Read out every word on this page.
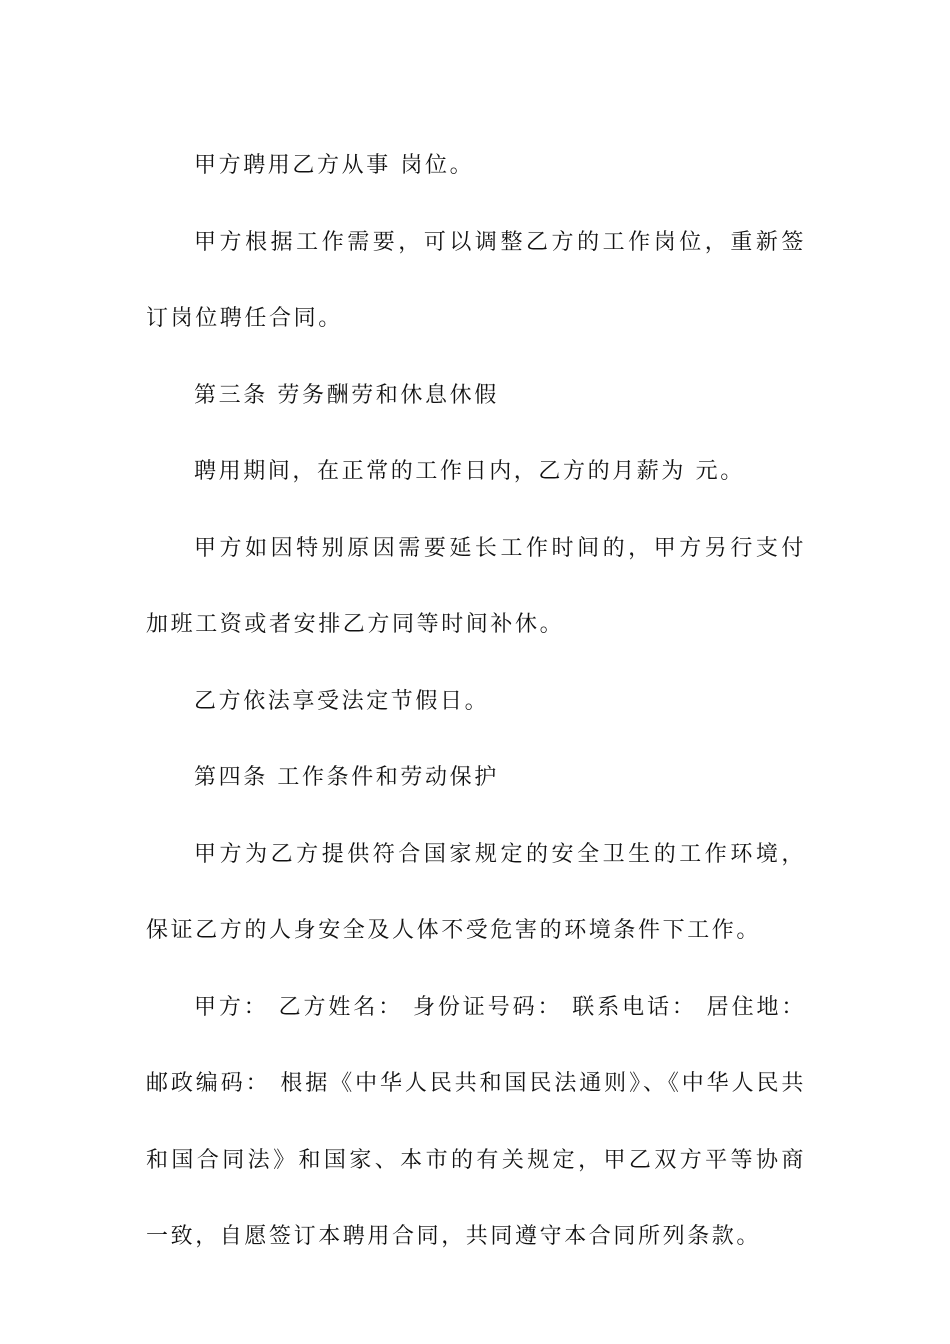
甲方聘用乙方从事 岗位。

甲方根据工作需要，可以调整乙方的工作岗位，重新签订岗位聘任合同。

第三条 劳务酬劳和休息休假

聘用期间，在正常的工作日内，乙方的月薪为 元。

甲方如因特别原因需要延长工作时间的，甲方另行支付加班工资或者安排乙方同等时间补休。

乙方依法享受法定节假日。

第四条 工作条件和劳动保护

甲方为乙方提供符合国家规定的安全卫生的工作环境，保证乙方的人身安全及人体不受危害的环境条件下工作。

甲方： 乙方姓名： 身份证号码： 联系电话： 居住地：邮政编码： 根据《中华人民共和国民法通则》、《中华人民共和国合同法》和国家、本市的有关规定，甲乙双方平等协商一致，自愿签订本聘用合同，共同遵守本合同所列条款。
